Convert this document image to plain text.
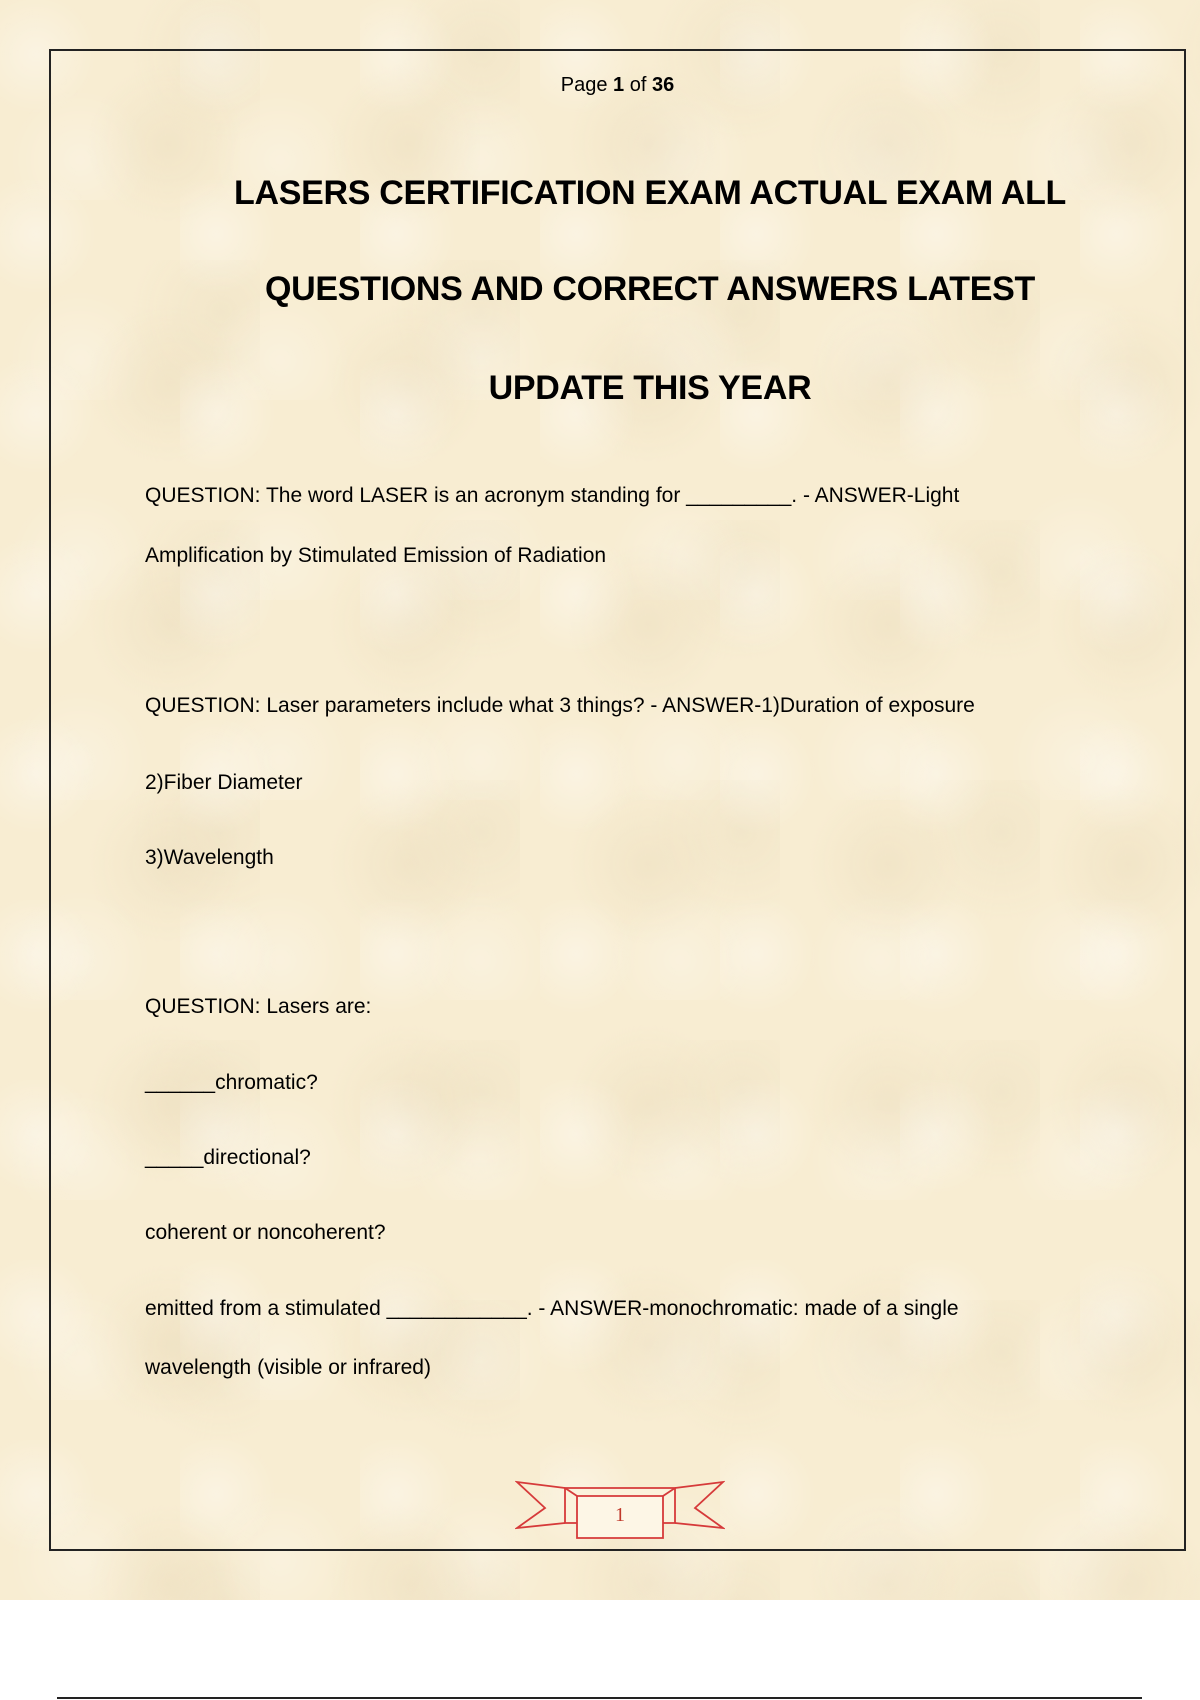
Page 1 of 36
LASERS CERTIFICATION EXAM ACTUAL EXAM ALL
QUESTIONS AND CORRECT ANSWERS LATEST
UPDATE THIS YEAR
QUESTION: The word LASER is an acronym standing for _________. - ANSWER-Light
Amplification by Stimulated Emission of Radiation
QUESTION: Laser parameters include what 3 things? - ANSWER-1)Duration of exposure
2)Fiber Diameter
3)Wavelength
QUESTION: Lasers are:
______chromatic?
_____directional?
coherent or noncoherent?
emitted from a stimulated ____________. - ANSWER-monochromatic: made of a single
wavelength (visible or infrared)
1
